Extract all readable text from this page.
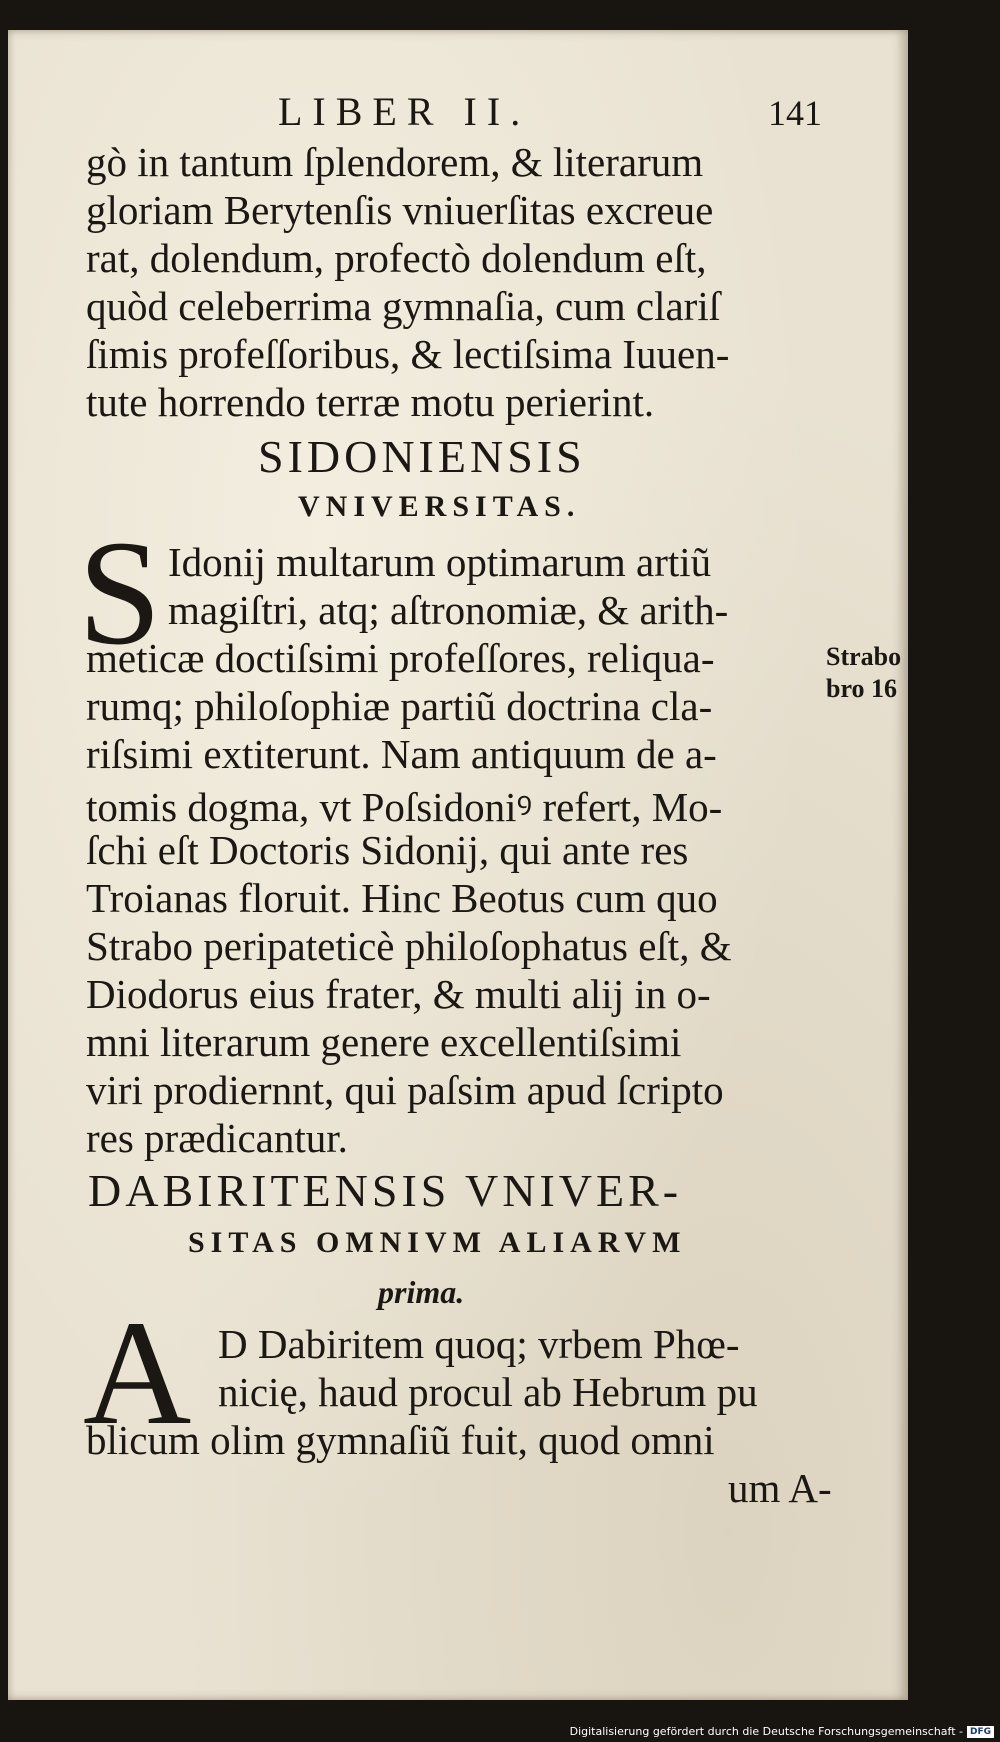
LIBER II.	141
gò in tantum ſplendorem, & literarum
gloriam Berytenſis vniuerſitas excreue
rat, dolendum, profectò dolendum eſt,
quòd celeberrima gymnaſia, cum clariſ
ſimis profeſſoribus, & lectiſsima Iuuen-
tute horrendo terræ motu perierint.
SIDONIENSIS
VNIVERSITAS.
S Idonij multarum optimarum artiũ
magiſtri, atq; aſtronomiæ, & arith-
meticæ doctiſsimi profeſſores, reliqua-
rumq; philoſophiæ partiũ doctrina cla-
riſsimi extiterunt. Nam antiquum de a-
tomis dogma, vt Poſsidoniꝰ refert, Mo-
ſchi eſt Doctoris Sidonij, qui ante res
Troianas floruit. Hinc Beotus cum quo
Strabo peripateticè philoſophatus eſt, &
Diodorus eius frater, & multi alij in o-
mni literarum genere excellentiſsimi
viri prodiernnt, qui paſsim apud ſcripto
res prædicantur.
Strabo
bro 16
DABIRITENSIS VNIVER-
SITAS OMNIVM ALIARVM
prima.
A D Dabiritem quoq; vrbem Phœ-
nicię, haud procul ab Hebrum pu
blicum olim gymnaſiũ fuit, quod omni
um A-
Digitalisierung gefördert durch die Deutsche Forschungsgemeinschaft - DFG
